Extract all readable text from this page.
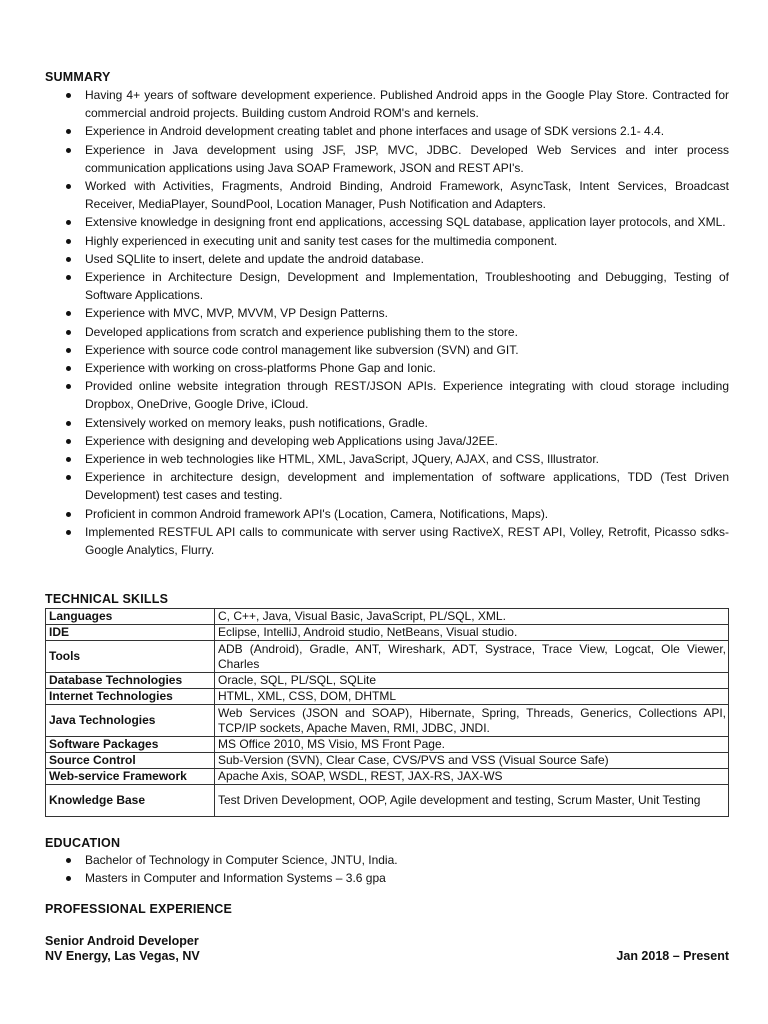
SUMMARY
Having 4+ years of software development experience. Published Android apps in the Google Play Store. Contracted for commercial android projects. Building custom Android ROM's and kernels.
Experience in Android development creating tablet and phone interfaces and usage of SDK versions 2.1- 4.4.
Experience in Java development using JSF, JSP, MVC, JDBC. Developed Web Services and inter process communication applications using Java SOAP Framework, JSON and REST API's.
Worked with Activities, Fragments, Android Binding, Android Framework, AsyncTask, Intent Services, Broadcast Receiver, MediaPlayer, SoundPool, Location Manager, Push Notification and Adapters.
Extensive knowledge in designing front end applications, accessing SQL database, application layer protocols, and XML.
Highly experienced in executing unit and sanity test cases for the multimedia component.
Used SQLlite to insert, delete and update the android database.
Experience in Architecture Design, Development and Implementation, Troubleshooting and Debugging, Testing of Software Applications.
Experience with MVC, MVP, MVVM, VP Design Patterns.
Developed applications from scratch and experience publishing them to the store.
Experience with source code control management like subversion (SVN) and GIT.
Experience with working on cross-platforms Phone Gap and Ionic.
Provided online website integration through REST/JSON APIs. Experience integrating with cloud storage including Dropbox, OneDrive, Google Drive, iCloud.
Extensively worked on memory leaks, push notifications, Gradle.
Experience with designing and developing web Applications using Java/J2EE.
Experience in web technologies like HTML, XML, JavaScript, JQuery, AJAX, and CSS, Illustrator.
Experience in architecture design, development and implementation of software applications, TDD (Test Driven Development) test cases and testing.
Proficient in common Android framework API's (Location, Camera, Notifications, Maps).
Implemented RESTFUL API calls to communicate with server using RactiveX, REST API, Volley, Retrofit, Picasso sdks- Google Analytics, Flurry.
TECHNICAL SKILLS
Languages	C, C++, Java, Visual Basic, JavaScript, PL/SQL, XML.
IDE	Eclipse, IntelliJ, Android studio, NetBeans, Visual studio.
Tools	ADB (Android), Gradle, ANT, Wireshark, ADT, Systrace, Trace View, Logcat, Ole Viewer, Charles
Database Technologies	Oracle, SQL, PL/SQL, SQLite
Internet Technologies	HTML, XML, CSS, DOM, DHTML
Java Technologies	Web Services (JSON and SOAP), Hibernate, Spring, Threads, Generics, Collections API, TCP/IP sockets, Apache Maven, RMI, JDBC, JNDI.
Software Packages	MS Office 2010, MS Visio, MS Front Page.
Source Control	Sub-Version (SVN), Clear Case, CVS/PVS and VSS (Visual Source Safe)
Web-service Framework	Apache Axis, SOAP, WSDL, REST, JAX-RS, JAX-WS
Knowledge Base	Test Driven Development, OOP, Agile development and testing, Scrum Master, Unit Testing
EDUCATION
Bachelor of Technology in Computer Science, JNTU, India.
Masters in Computer and Information Systems – 3.6 gpa
PROFESSIONAL EXPERIENCE
Senior Android Developer
NV Energy, Las Vegas, NV	Jan 2018 – Present
